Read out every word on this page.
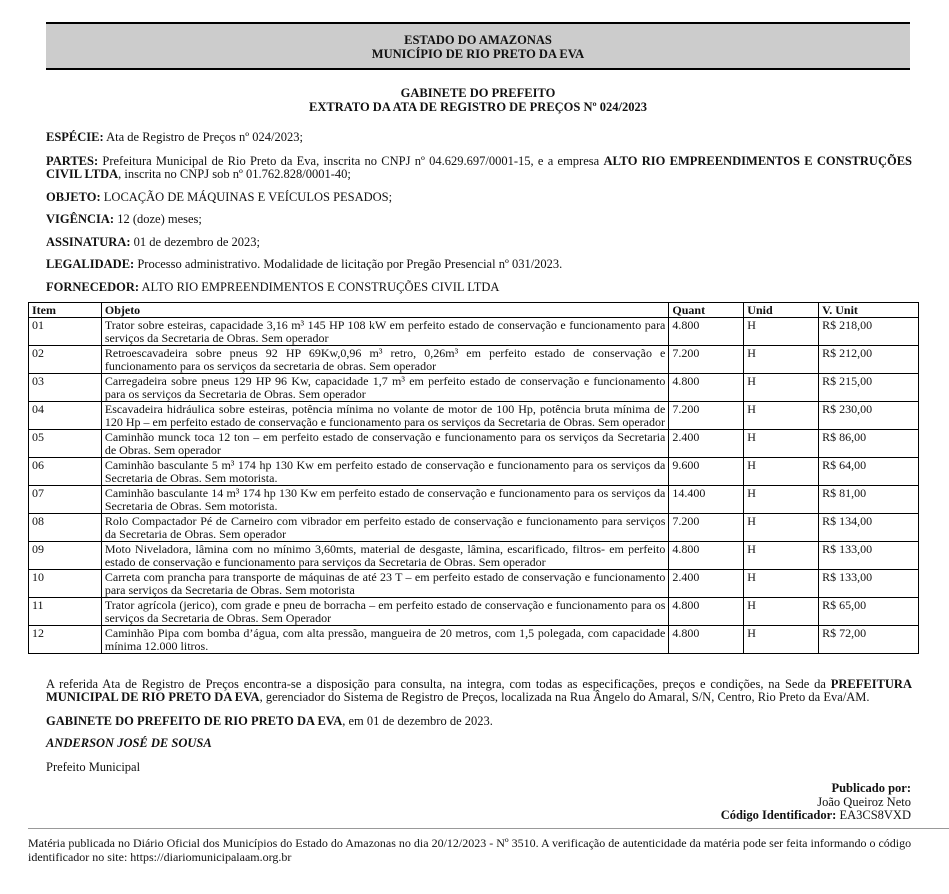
ESTADO DO AMAZONAS
MUNICÍPIO DE RIO PRETO DA EVA
GABINETE DO PREFEITO
EXTRATO DA ATA DE REGISTRO DE PREÇOS Nº 024/2023
ESPÉCIE: Ata de Registro de Preços nº 024/2023;
PARTES: Prefeitura Municipal de Rio Preto da Eva, inscrita no CNPJ nº 04.629.697/0001-15, e a empresa ALTO RIO EMPREENDIMENTOS E CONSTRUÇÕES CIVIL LTDA, inscrita no CNPJ sob nº 01.762.828/0001-40;
OBJETO: LOCAÇÃO DE MÁQUINAS E VEÍCULOS PESADOS;
VIGÊNCIA: 12 (doze) meses;
ASSINATURA: 01 de dezembro de 2023;
LEGALIDADE: Processo administrativo. Modalidade de licitação por Pregão Presencial nº 031/2023.
FORNECEDOR: ALTO RIO EMPREENDIMENTOS E CONSTRUÇÕES CIVIL LTDA
Item	Objeto	Quant	Unid	V. Unit
01	Trator sobre esteiras, capacidade 3,16 m³ 145 HP 108 kW em perfeito estado de conservação e funcionamento para serviços da Secretaria de Obras. Sem operador	4.800	H	R$ 218,00
02	Retroescavadeira sobre pneus 92 HP 69Kw,0,96 m³ retro, 0,26m³ em perfeito estado de conservação e funcionamento para os serviços da secretaria de obras. Sem operador	7.200	H	R$ 212,00
03	Carregadeira sobre pneus 129 HP 96 Kw, capacidade 1,7 m³ em perfeito estado de conservação e funcionamento para os serviços da Secretaria de Obras. Sem operador	4.800	H	R$ 215,00
04	Escavadeira hidráulica sobre esteiras, potência mínima no volante de motor de 100 Hp, potência bruta mínima de 120 Hp – em perfeito estado de conservação e funcionamento para os serviços da Secretaria de Obras. Sem operador	7.200	H	R$ 230,00
05	Caminhão munck toca 12 ton – em perfeito estado de conservação e funcionamento para os serviços da Secretaria de Obras. Sem operador	2.400	H	R$ 86,00
06	Caminhão basculante 5 m³ 174 hp 130 Kw em perfeito estado de conservação e funcionamento para os serviços da Secretaria de Obras. Sem motorista.	9.600	H	R$ 64,00
07	Caminhão basculante 14 m³ 174 hp 130 Kw em perfeito estado de conservação e funcionamento para os serviços da Secretaria de Obras. Sem motorista.	14.400	H	R$ 81,00
08	Rolo Compactador Pé de Carneiro com vibrador em perfeito estado de conservação e funcionamento para serviços da Secretaria de Obras. Sem operador	7.200	H	R$ 134,00
09	Moto Niveladora, lâmina com no mínimo 3,60mts, material de desgaste, lâmina, escarificado, filtros- em perfeito estado de conservação e funcionamento para serviços da Secretaria de Obras. Sem operador	4.800	H	R$ 133,00
10	Carreta com prancha para transporte de máquinas de até 23 T – em perfeito estado de conservação e funcionamento para serviços da Secretaria de Obras. Sem motorista	2.400	H	R$ 133,00
11	Trator agrícola (jerico), com grade e pneu de borracha – em perfeito estado de conservação e funcionamento para os serviços da Secretaria de Obras. Sem Operador	4.800	H	R$ 65,00
12	Caminhão Pipa com bomba d’água, com alta pressão, mangueira de 20 metros, com 1,5 polegada, com capacidade mínima 12.000 litros.	4.800	H	R$ 72,00
A referida Ata de Registro de Preços encontra-se a disposição para consulta, na integra, com todas as especificações, preços e condições, na Sede da PREFEITURA MUNICIPAL DE RIO PRETO DA EVA, gerenciador do Sistema de Registro de Preços, localizada na Rua Ângelo do Amaral, S/N, Centro, Rio Preto da Eva/AM.
GABINETE DO PREFEITO DE RIO PRETO DA EVA, em 01 de dezembro de 2023.
ANDERSON JOSÉ DE SOUSA
Prefeito Municipal
Publicado por:
João Queiroz Neto
Código Identificador: EA3CS8VXD
Matéria publicada no Diário Oficial dos Municípios do Estado do Amazonas no dia 20/12/2023 - Nº 3510. A verificação de autenticidade da matéria pode ser feita informando o código identificador no site: https://diariomunicipalaam.org.br
